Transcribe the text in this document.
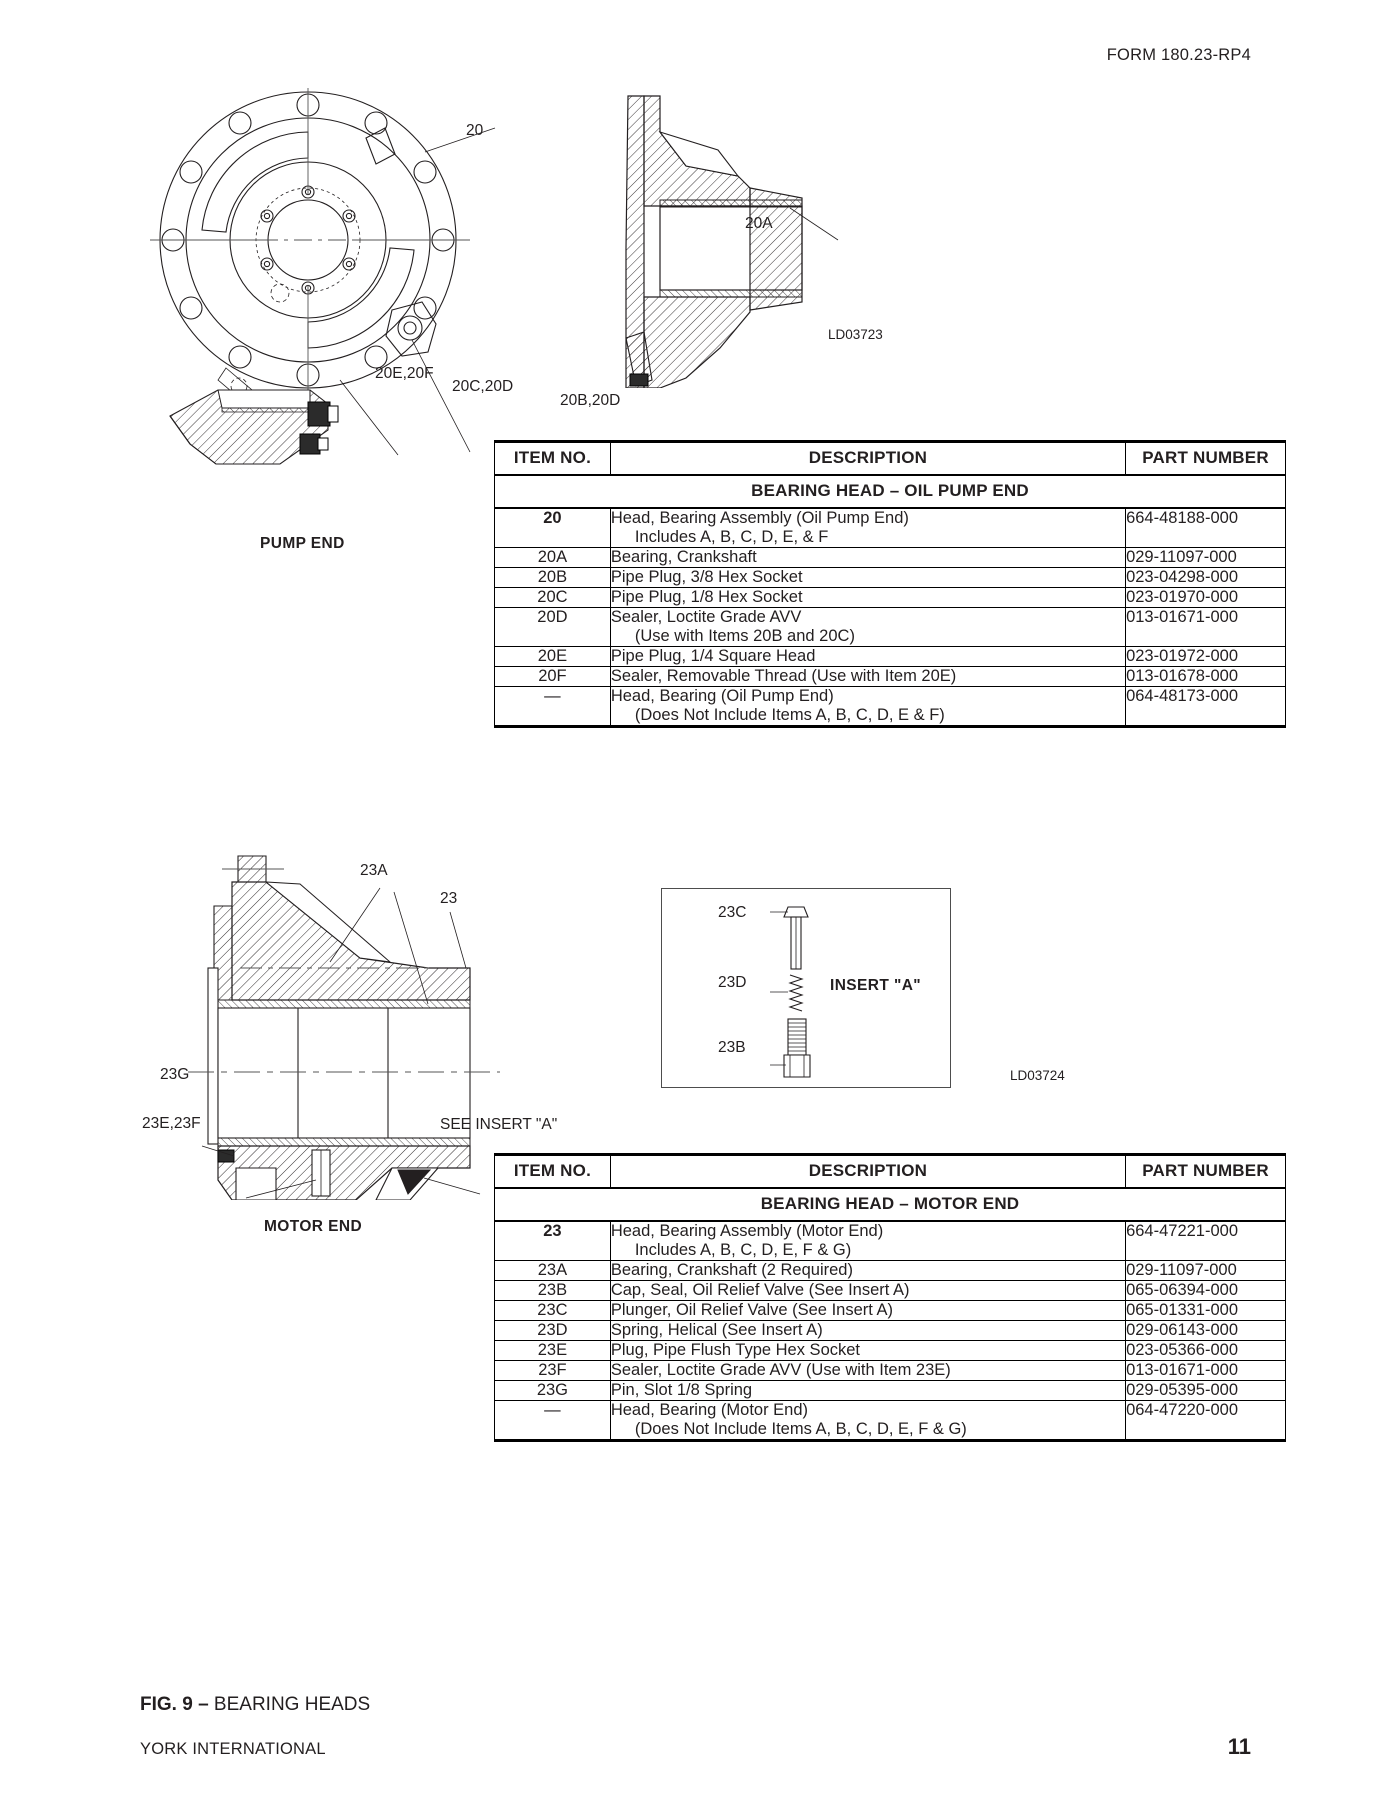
FORM 180.23-RP4
20
20E,20F
20C,20D
PUMP END
20A
20B,20D
LD03723
ITEM NO.	DESCRIPTION	PART NUMBER
BEARING HEAD – OIL PUMP END		
20	Head, Bearing Assembly (Oil Pump End)
Includes A, B, C, D, E, & F	664-48188-000
20A	Bearing, Crankshaft	029-11097-000
20B	Pipe Plug, 3/8 Hex Socket	023-04298-000
20C	Pipe Plug, 1/8 Hex Socket	023-01970-000
20D	Sealer, Loctite Grade AVV
(Use with Items 20B and 20C)	013-01671-000
20E	Pipe Plug, 1/4 Square Head	023-01972-000
20F	Sealer, Removable Thread (Use with Item 20E)	013-01678-000
—	Head, Bearing (Oil Pump End)
(Does Not Include Items A, B, C, D, E & F)	064-48173-000
23A
23
23G
23E,23F	SEE INSERT "A"
MOTOR END
23C
23D
23B
INSERT "A"
LD03724
ITEM NO.	DESCRIPTION	PART NUMBER
BEARING HEAD – MOTOR END		
23	Head, Bearing Assembly (Motor End)
Includes A, B, C, D, E, F & G)	664-47221-000
23A	Bearing, Crankshaft (2 Required)	029-11097-000
23B	Cap, Seal, Oil Relief Valve (See Insert A)	065-06394-000
23C	Plunger, Oil Relief Valve (See Insert A)	065-01331-000
23D	Spring, Helical (See Insert A)	029-06143-000
23E	Plug, Pipe Flush Type Hex Socket	023-05366-000
23F	Sealer, Loctite Grade AVV (Use with Item 23E)	013-01671-000
23G	Pin, Slot 1/8 Spring	029-05395-000
—	Head, Bearing (Motor End)
(Does Not Include Items A, B, C, D, E, F & G)	064-47220-000
FIG. 9 – BEARING HEADS
YORK INTERNATIONAL	11
